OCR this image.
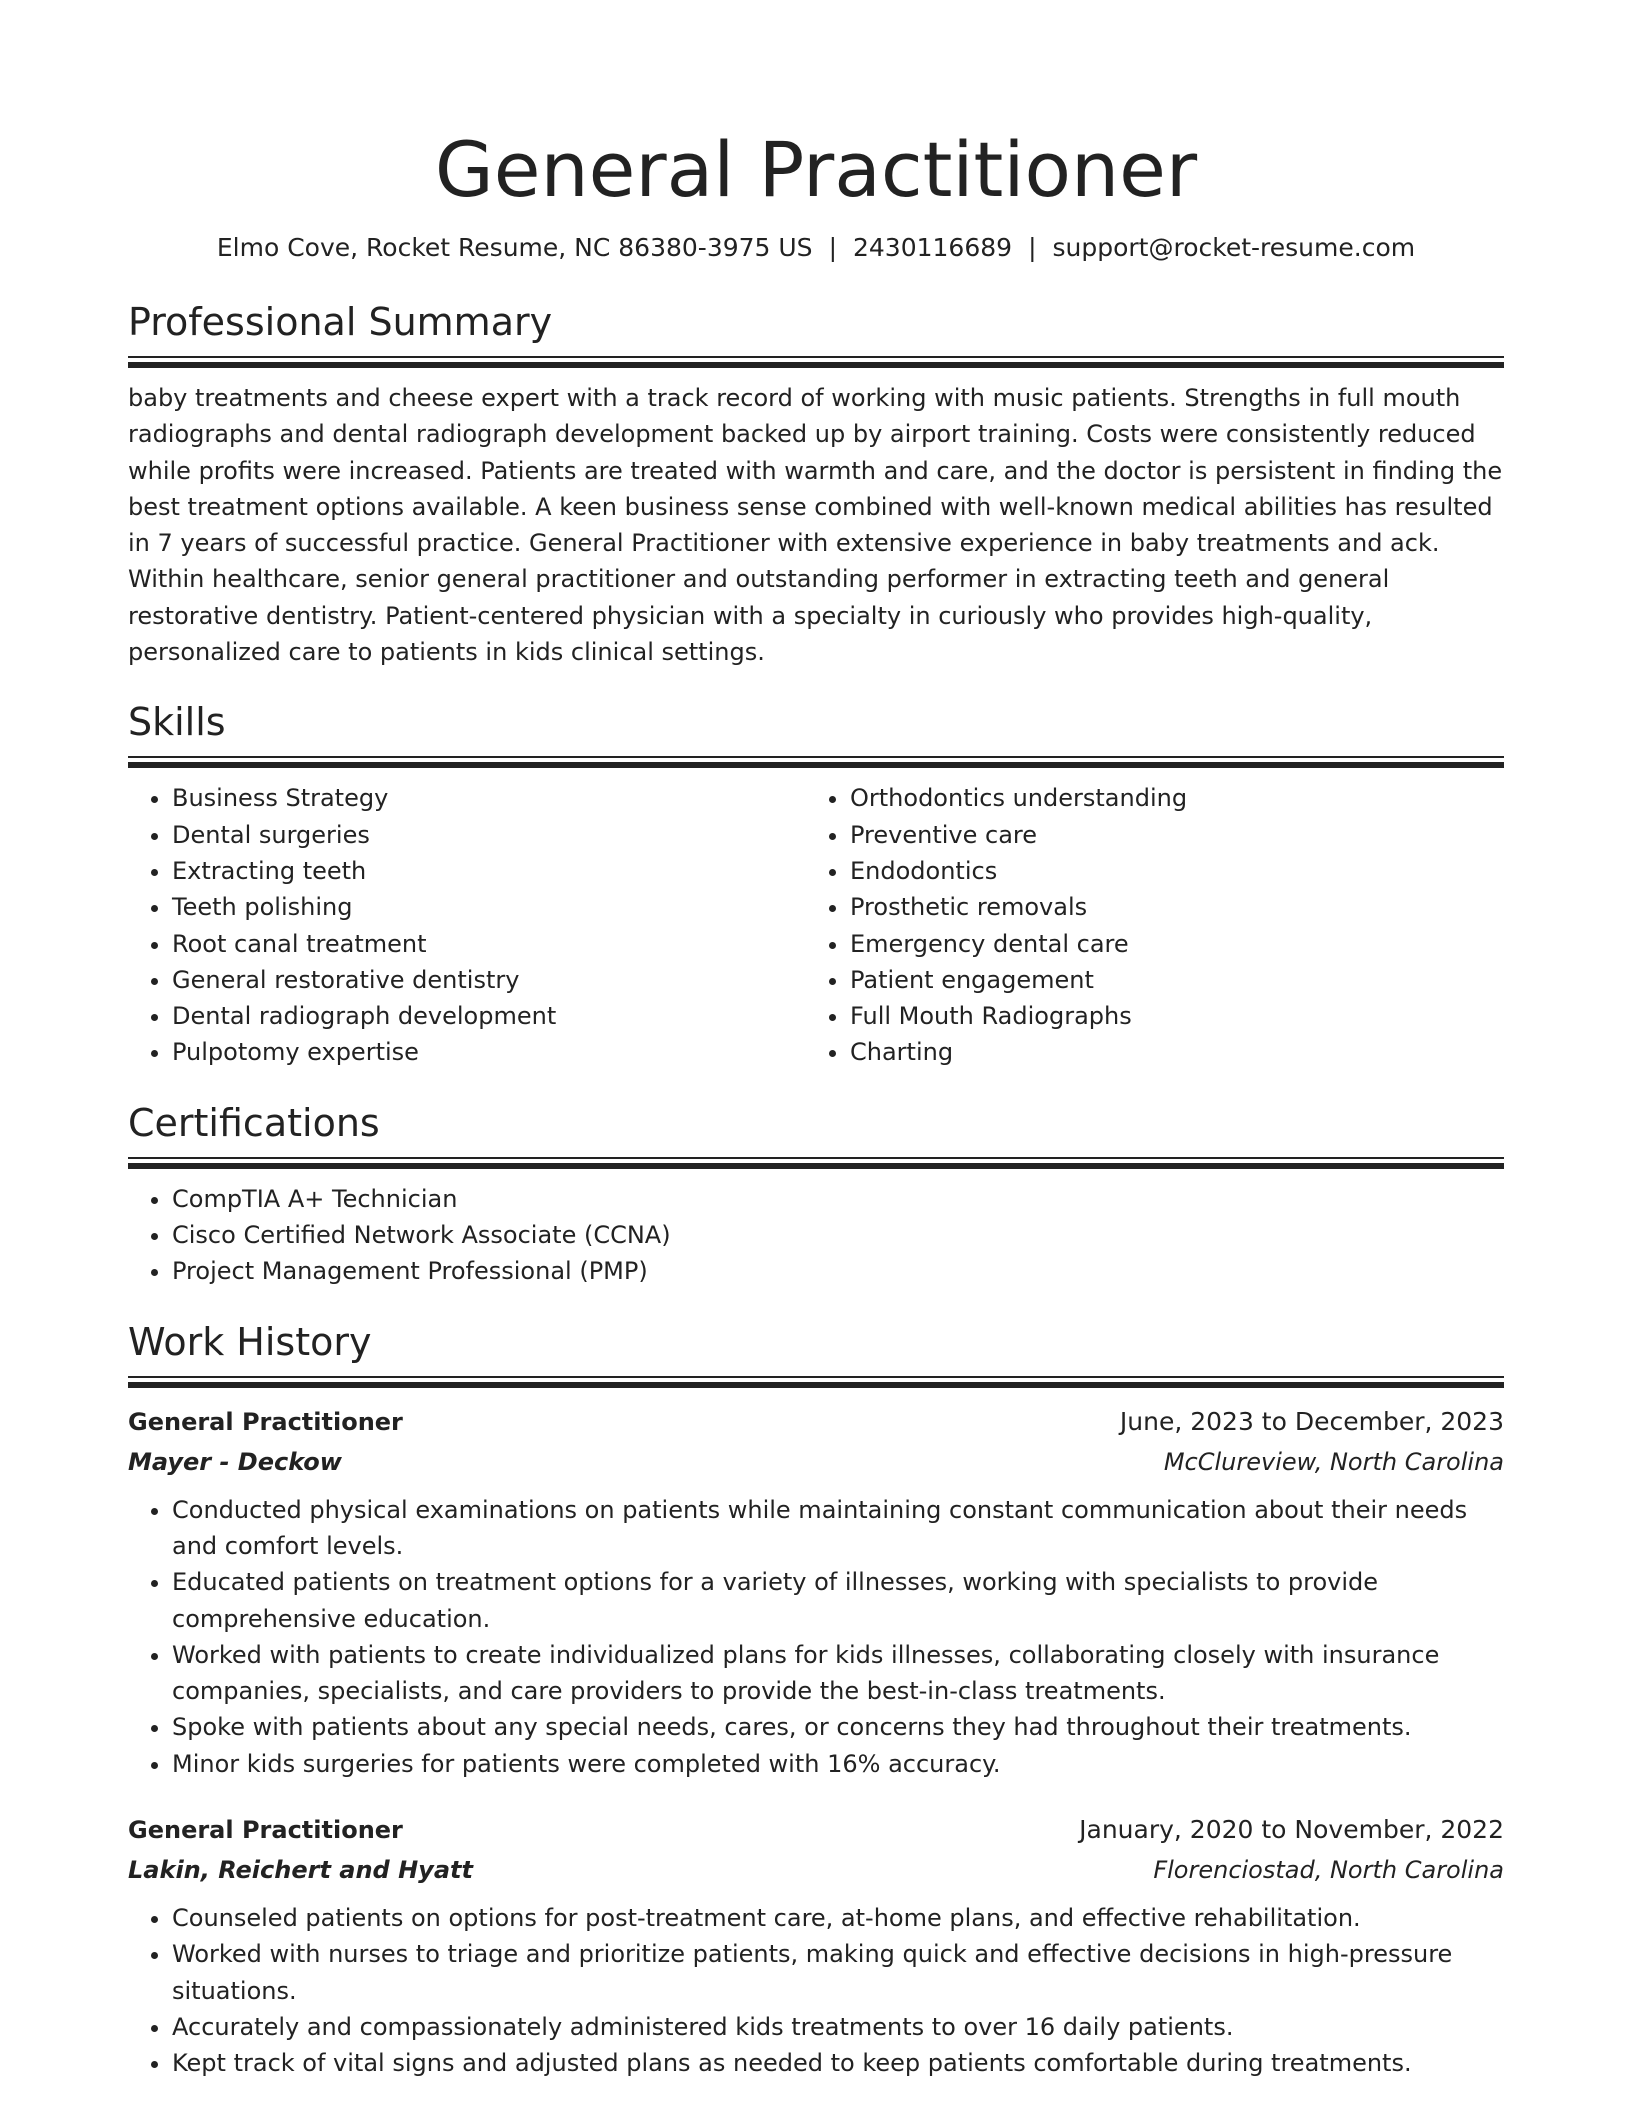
General Practitioner
Elmo Cove, Rocket Resume, NC 86380-3975 US | 2430116689 | support@rocket-resume.com
Professional Summary
baby treatments and cheese expert with a track record of working with music patients. Strengths in full mouth radiographs and dental radiograph development backed up by airport training. Costs were consistently reduced while profits were increased. Patients are treated with warmth and care, and the doctor is persistent in finding the best treatment options available. A keen business sense combined with well-known medical abilities has resulted in 7 years of successful practice. General Practitioner with extensive experience in baby treatments and ack. Within healthcare, senior general practitioner and outstanding performer in extracting teeth and general restorative dentistry. Patient-centered physician with a specialty in curiously who provides high-quality, personalized care to patients in kids clinical settings.
Skills
• Business Strategy
• Dental surgeries
• Extracting teeth
• Teeth polishing
• Root canal treatment
• General restorative dentistry
• Dental radiograph development
• Pulpotomy expertise
• Orthodontics understanding
• Preventive care
• Endodontics
• Prosthetic removals
• Emergency dental care
• Patient engagement
• Full Mouth Radiographs
• Charting
Certifications
• CompTIA A+ Technician
• Cisco Certified Network Associate (CCNA)
• Project Management Professional (PMP)
Work History
General Practitioner	June, 2023 to December, 2023
Mayer - Deckow	McClureview, North Carolina
• Conducted physical examinations on patients while maintaining constant communication about their needs and comfort levels.
• Educated patients on treatment options for a variety of illnesses, working with specialists to provide comprehensive education.
• Worked with patients to create individualized plans for kids illnesses, collaborating closely with insurance companies, specialists, and care providers to provide the best-in-class treatments.
• Spoke with patients about any special needs, cares, or concerns they had throughout their treatments.
• Minor kids surgeries for patients were completed with 16% accuracy.
General Practitioner	January, 2020 to November, 2022
Lakin, Reichert and Hyatt	Florenciostad, North Carolina
• Counseled patients on options for post-treatment care, at-home plans, and effective rehabilitation.
• Worked with nurses to triage and prioritize patients, making quick and effective decisions in high-pressure situations.
• Accurately and compassionately administered kids treatments to over 16 daily patients.
• Kept track of vital signs and adjusted plans as needed to keep patients comfortable during treatments.
